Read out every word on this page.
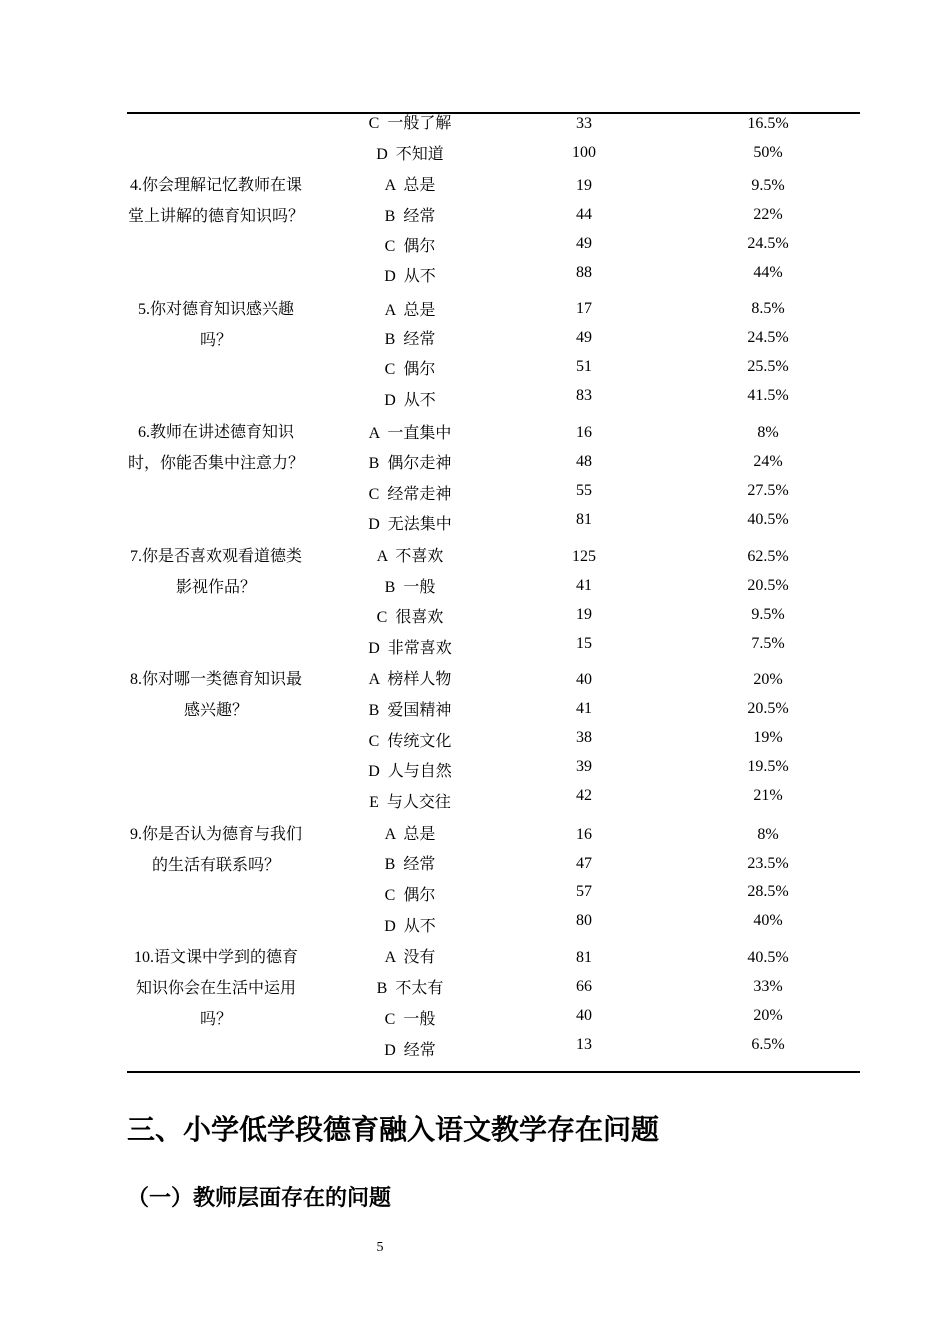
C  一般了解	33	16.5%
D  不知道	100	50%
4.你会理解记忆教师在课堂上讲解的德育知识吗？
A  总是	19	9.5%
B  经常	44	22%
C  偶尔	49	24.5%
D  从不	88	44%
5.你对德育知识感兴趣吗？
A  总是	17	8.5%
B  经常	49	24.5%
C  偶尔	51	25.5%
D  从不	83	41.5%
6.教师在讲述德育知识时，你能否集中注意力？
A  一直集中	16	8%
B  偶尔走神	48	24%
C  经常走神	55	27.5%
D  无法集中	81	40.5%
7.你是否喜欢观看道德类影视作品？
A  不喜欢	125	62.5%
B  一般	41	20.5%
C  很喜欢	19	9.5%
D  非常喜欢	15	7.5%
8.你对哪一类德育知识最感兴趣？
A  榜样人物	40	20%
B  爱国精神	41	20.5%
C  传统文化	38	19%
D  人与自然	39	19.5%
E  与人交往	42	21%
9.你是否认为德育与我们的生活有联系吗？
A  总是	16	8%
B  经常	47	23.5%
C  偶尔	57	28.5%
D  从不	80	40%
10.语文课中学到的德育知识你会在生活中运用吗？
A  没有	81	40.5%
B  不太有	66	33%
C  一般	40	20%
D  经常	13	6.5%
三、小学低学段德育融入语文教学存在问题
（一）教师层面存在的问题
5
